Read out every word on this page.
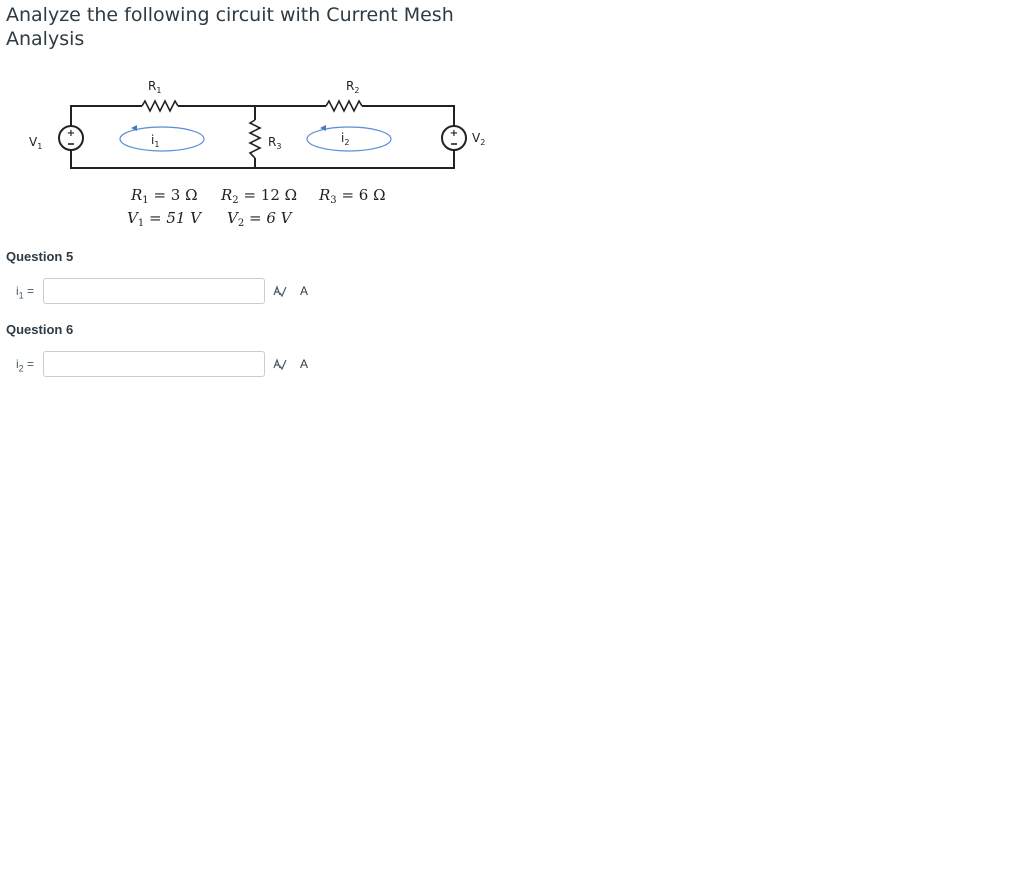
Analyze the following circuit with Current Mesh Analysis
$R_1$	$R_2$
$R_3$
+
$V_1$
+ $V_2$
$i_1$	$i_2$
$R_1 = 3$ Ω $R_2 = 12$ Ω $R_3 = 6$ Ω
$V_1 = 51$ V $V_2 = 6$ V
Question 5
$i_1$ =	A
Question 6
$i_2$ =	A
